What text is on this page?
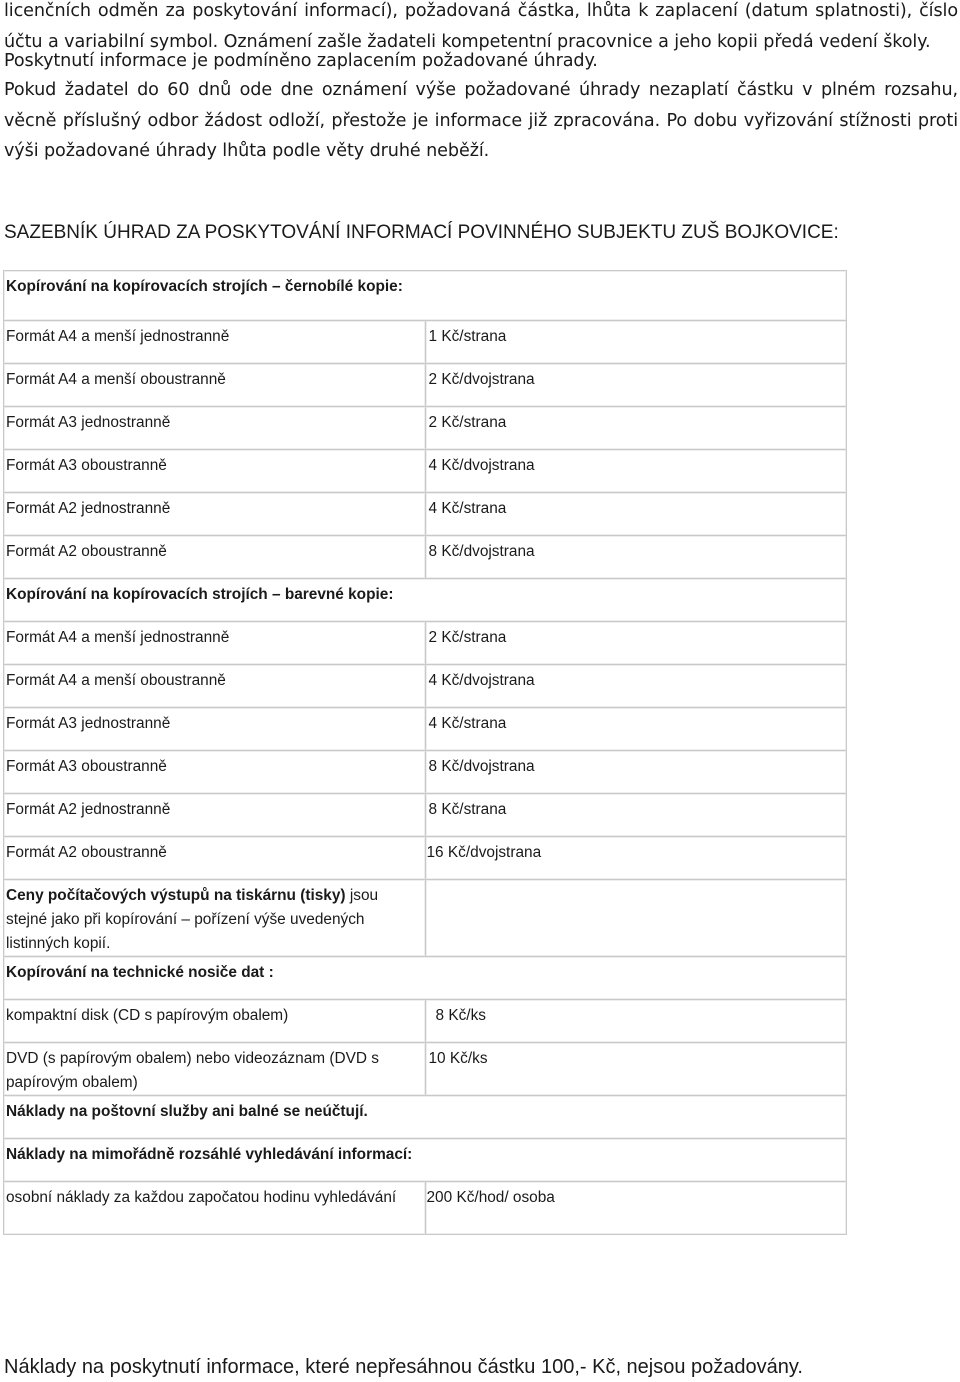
licenčních odměn za poskytování informací), požadovaná částka, lhůta k zaplacení (datum splatnosti), číslo
účtu a variabilní symbol. Oznámení zašle žadateli kompetentní pracovnice a jeho kopii předá vedení školy.
Poskytnutí informace je podmíněno zaplacením požadované úhrady.
Pokud žadatel do 60 dnů ode dne oznámení výše požadované úhrady nezaplatí částku v plném rozsahu, věcně příslušný odbor žádost odloží, přestože je informace již zpracována. Po dobu vyřizování stížnosti proti výši požadované úhrady lhůta podle věty druhé neběží.
SAZEBNÍK ÚHRAD ZA POSKYTOVÁNÍ INFORMACÍ POVINNÉHO SUBJEKTU ZUŠ BOJKOVICE:
Kopírování na kopírovacích strojích – černobílé kopie:	
Formát A4 a menší jednostranně	1 Kč/strana
Formát A4 a menší oboustranně	2 Kč/dvojstrana
Formát A3 jednostranně	2 Kč/strana
Formát A3 oboustranně	4 Kč/dvojstrana
Formát A2 jednostranně	4 Kč/strana
Formát A2 oboustranně	8 Kč/dvojstrana
Kopírování na kopírovacích strojích – barevné kopie:	
Formát A4 a menší jednostranně	2 Kč/strana
Formát A4 a menší oboustranně	4 Kč/dvojstrana
Formát A3 jednostranně	4 Kč/strana
Formát A3 oboustranně	8 Kč/dvojstrana
Formát A2 jednostranně	8 Kč/strana
Formát A2 oboustranně	16 Kč/dvojstrana
Ceny počítačových výstupů na tiskárnu (tisky) jsou stejné jako při kopírování – pořízení výše uvedených listinných kopií.	
Kopírování na technické nosiče dat :	
kompaktní disk (CD s papírovým obalem)	8 Kč/ks
DVD (s papírovým obalem) nebo videozáznam (DVD s papírovým obalem)	10 Kč/ks
Náklady na poštovní služby ani balné se neúčtují.	
Náklady na mimořádně rozsáhlé vyhledávání informací:	
osobní náklady za každou započatou hodinu vyhledávání	200 Kč/hod/ osoba
Náklady na poskytnutí informace, které nepřesáhnou částku 100,- Kč, nejsou požadovány.
